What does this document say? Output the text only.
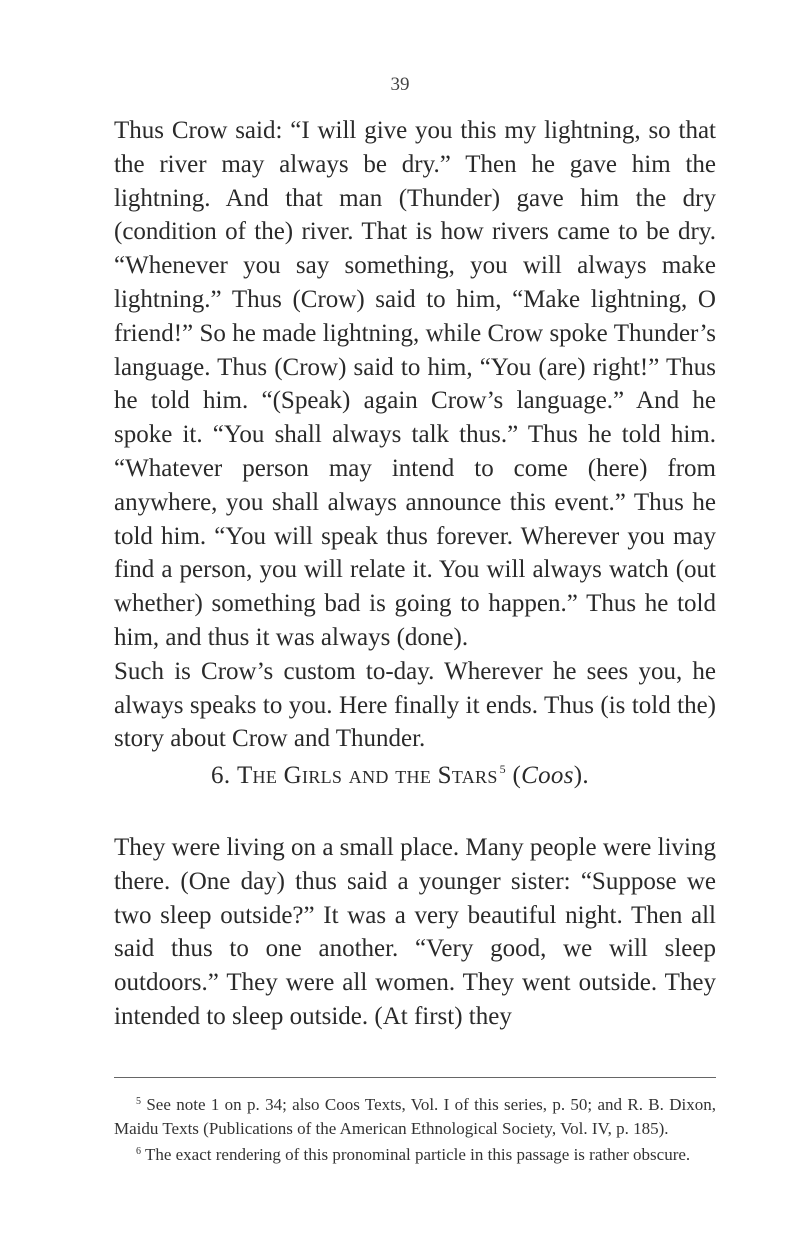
39

Thus Crow said: “I will give you this my lightning, so that the river may always be dry.” Then he gave him the lightning. And that man (Thunder) gave him the dry (condition of the) river. That is how rivers came to be dry. “Whenever you say something, you will always make lightning.” Thus (Crow) said to him, “Make lightning, O friend!” So he made lightning, while Crow spoke Thunder’s language. Thus (Crow) said to him, “You (are) right!” Thus he told him. “(Speak) again Crow’s language.” And he spoke it. “You shall always talk thus.” Thus he told him. “Whatever person may intend to come (here) from anywhere, you shall always announce this event.” Thus he told him. “You will speak thus forever. Wherever you may find a person, you will relate it. You will always watch (out whether) something bad is going to happen.” Thus he told him, and thus it was always (done).

Such is Crow’s custom to-day. Wherever he sees you, he always speaks to you. Here finally it ends. Thus (is told the) story about Crow and Thunder.

6. The Girls and the Stars $^5$ (Coos).

They were living on a small place. Many people were living there. (One day) thus said a younger sister: “Suppose we two sleep outside?” It was a very beautiful night. Then all said thus to one another. “Very good, we will sleep outdoors.” They were all women. They went outside. They intended to sleep outside. (At first) they

$^5$ See note 1 on p. 34; also Coos Texts, Vol. I of this series, p. 50; and R. B. Dixon, Maidu Texts (Publications of the American Ethnological Society, Vol. IV, p. 185).

$^6$ The exact rendering of this pronominal particle in this passage is rather obscure.
